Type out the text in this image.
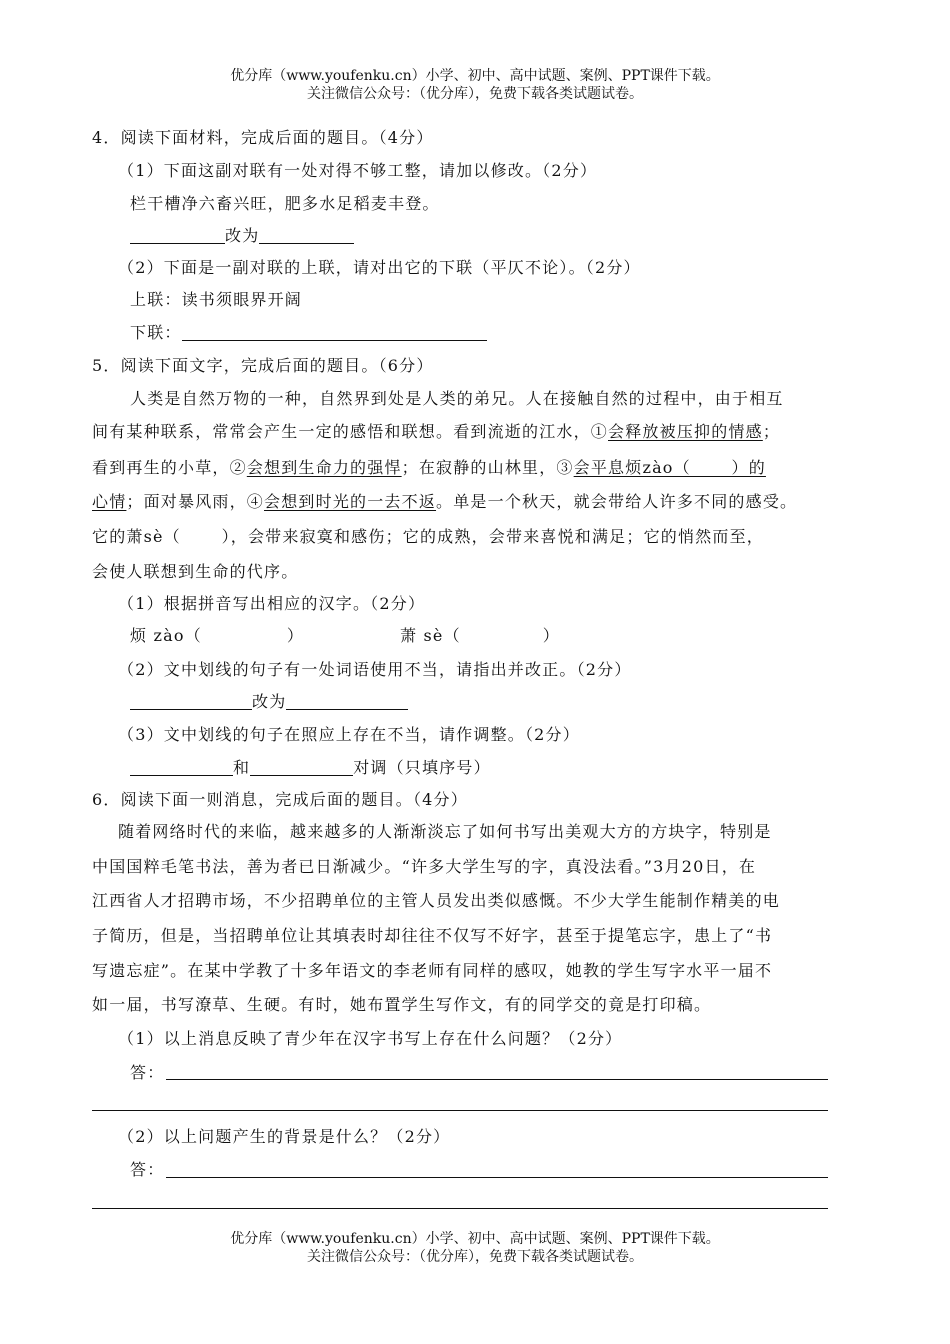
优分库（www.youfenku.cn）小学、初中、高中试题、案例、PPT课件下载。
关注微信公众号：（优分库），免费下载各类试题试卷。
4．阅读下面材料，完成后面的题目。（4分）
（1）下面这副对联有一处对得不够工整，请加以修改。（2分）
栏干槽净六畜兴旺，肥多水足稻麦丰登。
改为
（2）下面是一副对联的上联，请对出它的下联（平仄不论）。（2分）
上联：读书须眼界开阔
下联：
5．阅读下面文字，完成后面的题目。（6分）
人类是自然万物的一种，自然界到处是人类的弟兄。人在接触自然的过程中，由于相互
间有某种联系，常常会产生一定的感悟和联想。看到流逝的江水，①会释放被压抑的情感；
看到再生的小草，②会想到生命力的强悍；在寂静的山林里，③会平息烦zào（　　 ）的
心情；面对暴风雨，④会想到时光的一去不返。单是一个秋天，就会带给人许多不同的感受。
它的萧sè（　　 ），会带来寂寞和感伤；它的成熟，会带来喜悦和满足；它的悄然而至，
会使人联想到生命的代序。
（1）根据拼音写出相应的汉字。（2分）
烦 zào（	）	萧 sè（	）
（2）文中划线的句子有一处词语使用不当，请指出并改正。（2分）
改为
（3）文中划线的句子在照应上存在不当，请作调整。（2分）
和	对调（只填序号）
6．阅读下面一则消息，完成后面的题目。（4分）
随着网络时代的来临，越来越多的人渐渐淡忘了如何书写出美观大方的方块字，特别是
中国国粹毛笔书法，善为者已日渐减少。“许多大学生写的字，真没法看。”3月20日，在
江西省人才招聘市场，不少招聘单位的主管人员发出类似感慨。不少大学生能制作精美的电
子简历，但是，当招聘单位让其填表时却往往不仅写不好字，甚至于提笔忘字，患上了“书
写遗忘症”。在某中学教了十多年语文的李老师有同样的感叹，她教的学生写字水平一届不
如一届，书写潦草、生硬。有时，她布置学生写作文，有的同学交的竟是打印稿。
（1）以上消息反映了青少年在汉字书写上存在什么问题？（2分）
答：
（2）以上问题产生的背景是什么？（2分）
答：
优分库（www.youfenku.cn）小学、初中、高中试题、案例、PPT课件下载。
关注微信公众号：（优分库），免费下载各类试题试卷。
